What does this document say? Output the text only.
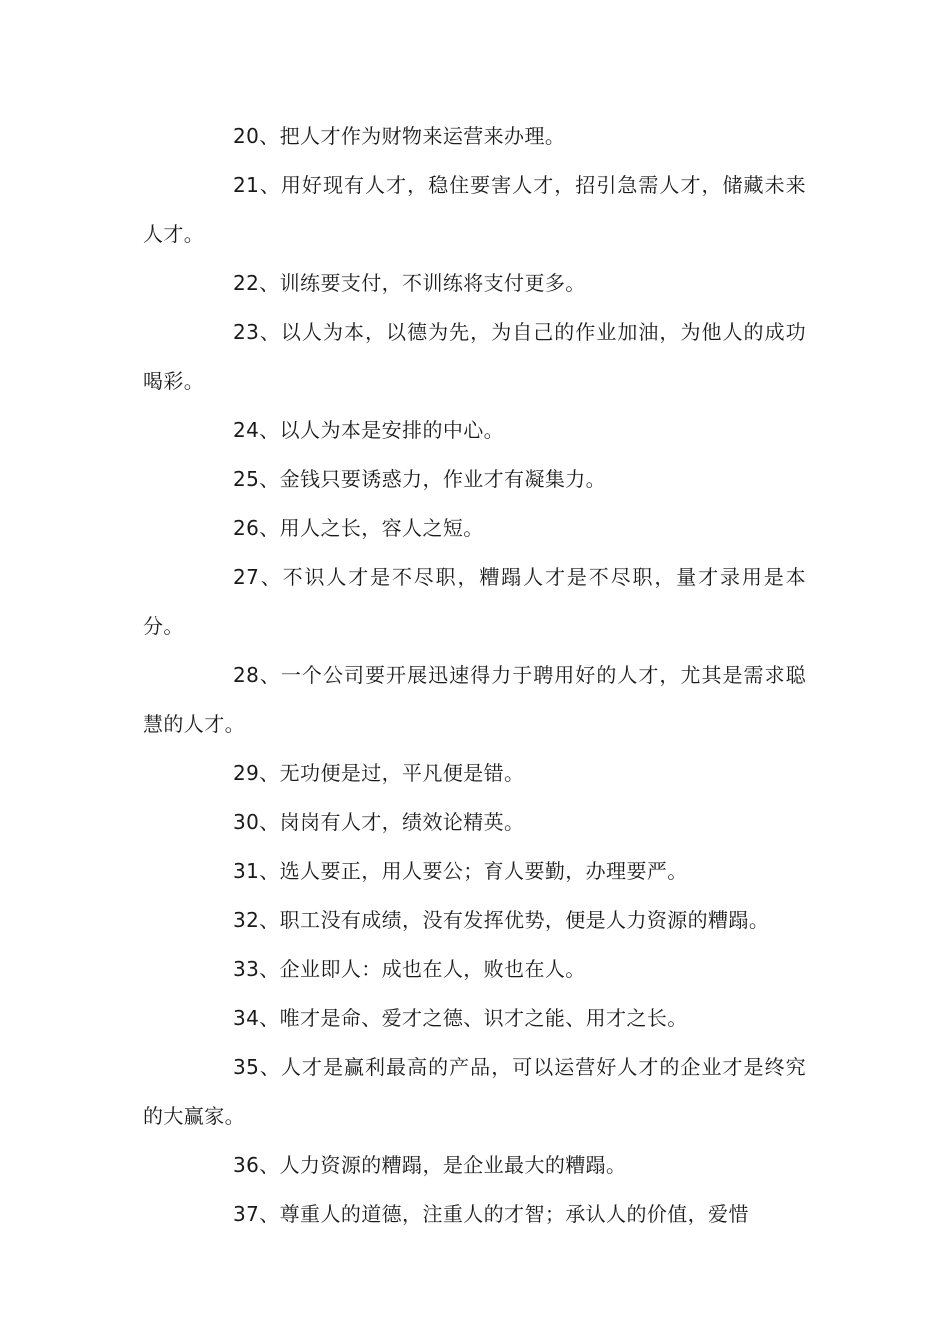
20、把人才作为财物来运营来办理。

21、用好现有人才，稳住要害人才，招引急需人才，储藏未来人才。

22、训练要支付，不训练将支付更多。

23、以人为本，以德为先，为自己的作业加油，为他人的成功喝彩。

24、以人为本是安排的中心。

25、金钱只要诱惑力，作业才有凝集力。

26、用人之长，容人之短。

27、不识人才是不尽职，糟蹋人才是不尽职，量才录用是本分。

28、一个公司要开展迅速得力于聘用好的人才，尤其是需求聪慧的人才。

29、无功便是过，平凡便是错。

30、岗岗有人才，绩效论精英。

31、选人要正，用人要公；育人要勤，办理要严。

32、职工没有成绩，没有发挥优势，便是人力资源的糟蹋。

33、企业即人：成也在人，败也在人。

34、唯才是命、爱才之德、识才之能、用才之长。

35、人才是赢利最高的产品，可以运营好人才的企业才是终究的大赢家。

36、人力资源的糟蹋，是企业最大的糟蹋。

37、尊重人的道德，注重人的才智；承认人的价值，爱惜
